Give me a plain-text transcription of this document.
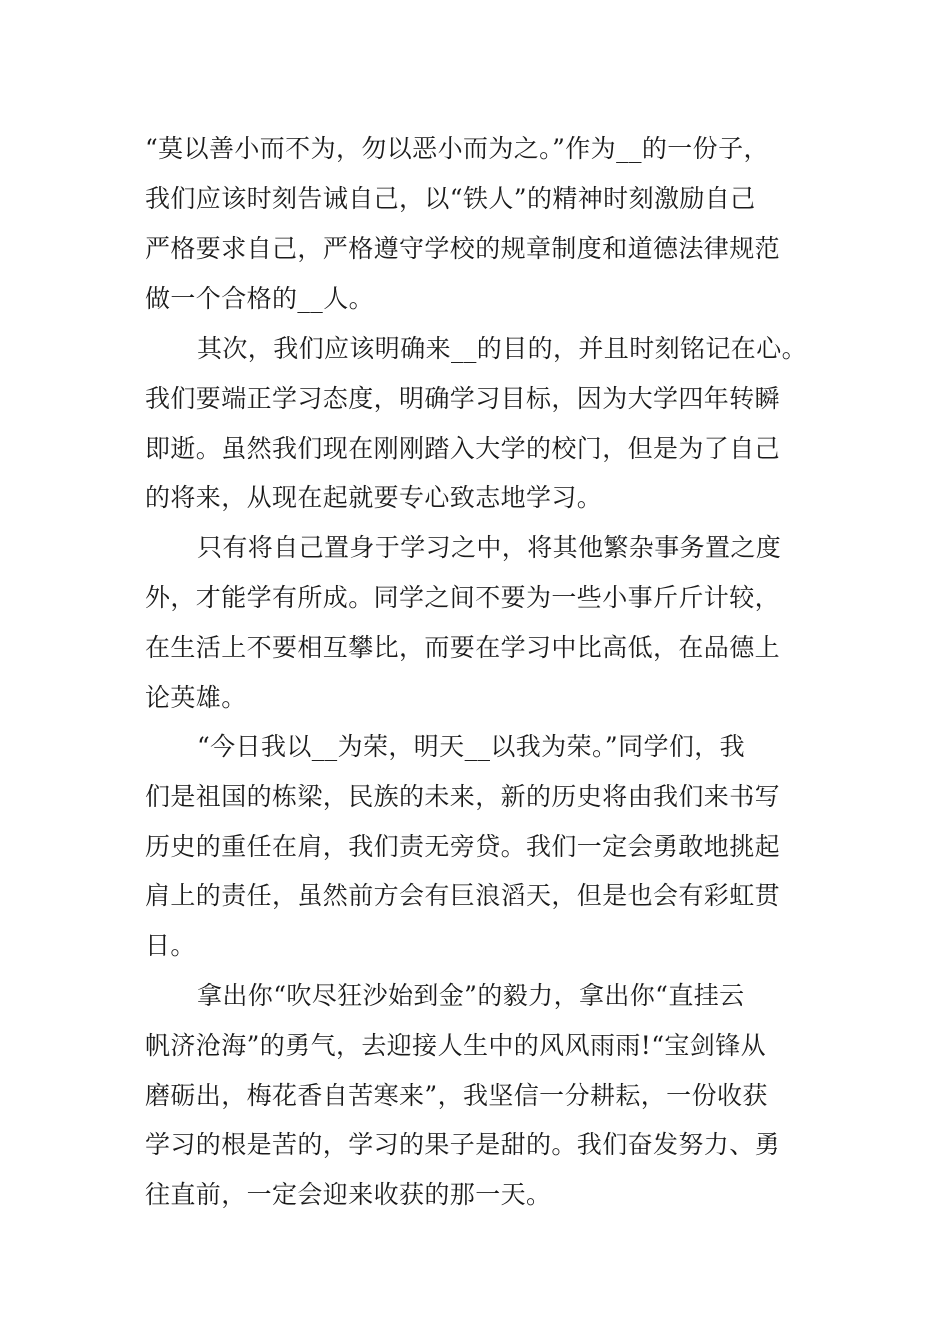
“莫以善小而不为，勿以恶小而为之。”作为__的一份子，

我们应该时刻告诫自己，以“铁人”的精神时刻激励自己

严格要求自己，严格遵守学校的规章制度和道德法律规范

做一个合格的__人。

其次，我们应该明确来__的目的，并且时刻铭记在心。

我们要端正学习态度，明确学习目标，因为大学四年转瞬

即逝。虽然我们现在刚刚踏入大学的校门，但是为了自己

的将来，从现在起就要专心致志地学习。

只有将自己置身于学习之中，将其他繁杂事务置之度

外，才能学有所成。同学之间不要为一些小事斤斤计较，

在生活上不要相互攀比，而要在学习中比高低，在品德上

论英雄。

“今日我以__为荣，明天__以我为荣。”同学们，我

们是祖国的栋梁，民族的未来，新的历史将由我们来书写

历史的重任在肩，我们责无旁贷。我们一定会勇敢地挑起

肩上的责任，虽然前方会有巨浪滔天，但是也会有彩虹贯

日。

拿出你“吹尽狂沙始到金”的毅力，拿出你“直挂云

帆济沧海”的勇气，去迎接人生中的风风雨雨!“宝剑锋从

磨砺出，梅花香自苦寒来”，我坚信一分耕耘，一份收获

学习的根是苦的，学习的果子是甜的。我们奋发努力、勇

往直前，一定会迎来收获的那一天。
